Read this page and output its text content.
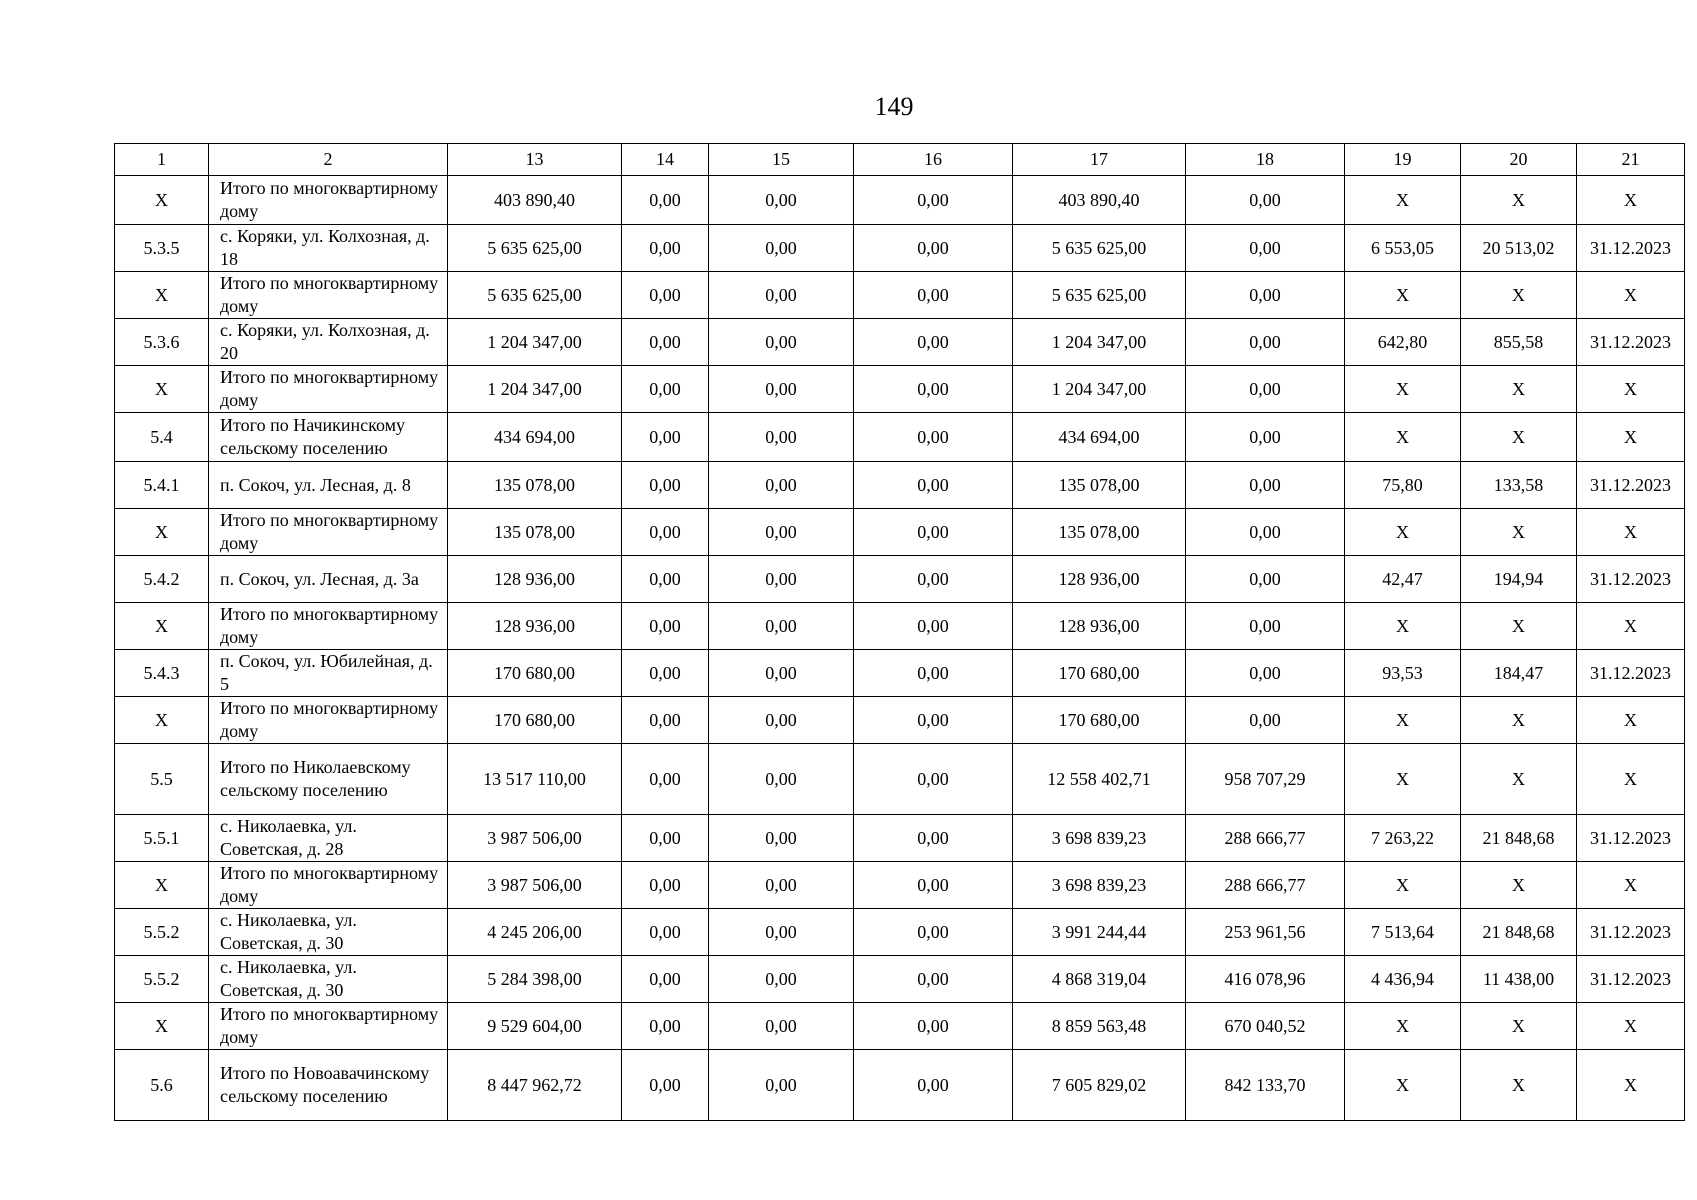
149
1	2	13	14	15	16	17	18	19	20	21
X	Итого по многоквартирному дому	403 890,40	0,00	0,00	0,00	403 890,40	0,00	X	X	X
5.3.5	с. Коряки, ул. Колхозная, д. 18	5 635 625,00	0,00	0,00	0,00	5 635 625,00	0,00	6 553,05	20 513,02	31.12.2023
X	Итого по многоквартирному дому	5 635 625,00	0,00	0,00	0,00	5 635 625,00	0,00	X	X	X
5.3.6	с. Коряки, ул. Колхозная, д. 20	1 204 347,00	0,00	0,00	0,00	1 204 347,00	0,00	642,80	855,58	31.12.2023
X	Итого по многоквартирному дому	1 204 347,00	0,00	0,00	0,00	1 204 347,00	0,00	X	X	X
5.4	Итого по Начикинскому сельскому поселению	434 694,00	0,00	0,00	0,00	434 694,00	0,00	X	X	X
5.4.1	п. Сокоч, ул. Лесная, д. 8	135 078,00	0,00	0,00	0,00	135 078,00	0,00	75,80	133,58	31.12.2023
X	Итого по многоквартирному дому	135 078,00	0,00	0,00	0,00	135 078,00	0,00	X	X	X
5.4.2	п. Сокоч, ул. Лесная, д. 3а	128 936,00	0,00	0,00	0,00	128 936,00	0,00	42,47	194,94	31.12.2023
X	Итого по многоквартирному дому	128 936,00	0,00	0,00	0,00	128 936,00	0,00	X	X	X
5.4.3	п. Сокоч, ул. Юбилейная, д. 5	170 680,00	0,00	0,00	0,00	170 680,00	0,00	93,53	184,47	31.12.2023
X	Итого по многоквартирному дому	170 680,00	0,00	0,00	0,00	170 680,00	0,00	X	X	X
5.5	Итого по Николаевскому сельскому поселению	13 517 110,00	0,00	0,00	0,00	12 558 402,71	958 707,29	X	X	X
5.5.1	с. Николаевка, ул. Советская, д. 28	3 987 506,00	0,00	0,00	0,00	3 698 839,23	288 666,77	7 263,22	21 848,68	31.12.2023
X	Итого по многоквартирному дому	3 987 506,00	0,00	0,00	0,00	3 698 839,23	288 666,77	X	X	X
5.5.2	с. Николаевка, ул. Советская, д. 30	4 245 206,00	0,00	0,00	0,00	3 991 244,44	253 961,56	7 513,64	21 848,68	31.12.2023
5.5.2	с. Николаевка, ул. Советская, д. 30	5 284 398,00	0,00	0,00	0,00	4 868 319,04	416 078,96	4 436,94	11 438,00	31.12.2023
X	Итого по многоквартирному дому	9 529 604,00	0,00	0,00	0,00	8 859 563,48	670 040,52	X	X	X
5.6	Итого по Новоавачинскому сельскому поселению	8 447 962,72	0,00	0,00	0,00	7 605 829,02	842 133,70	X	X	X
